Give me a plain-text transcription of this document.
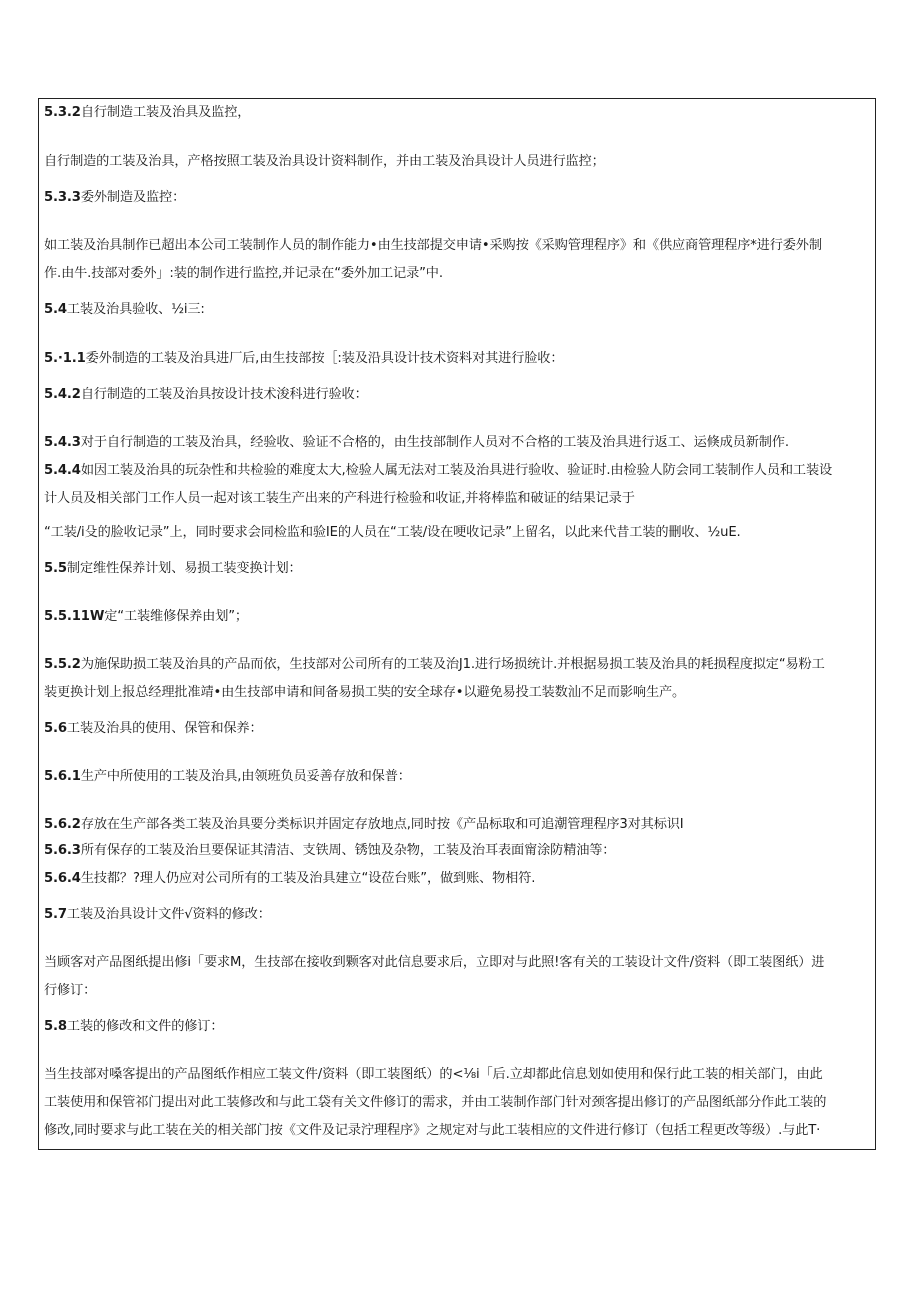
5.3.2自行制造工装及治具及监控，
自行制造的工装及治具，产格按照工装及治具设计资料制作，并由工装及治具设计人员进行监控；
5.3.3委外制造及监控：
如工装及治具制作已超出本公司工装制作人员的制作能力•由生技部提交申请•采购按《采购管理程序》和《供应商管理程序*进行委外制
作.由牛.技部对委外」:装的制作进行监控,并记录在“委外加工记录”中.
5.4工装及治具验收、½i三:
5.·1.1委外制造的工装及治具进厂后,由生技部按［:装及沿具设计技术资料对其进行脸收：
5.4.2自行制造的工装及治具按设计技术浚科进行验收：
5.4.3对于自行制造的工装及治具，经验收、验证不合格的，由生技部制作人员对不合格的工装及治具进行返工、运倏成员新制作.
5.4.4如因工装及治具的玩杂性和共检验的难度太大,检验人属无法对工装及治具进行验收、验证时.由检验人防会同工装制作人员和工装设
计人员及相关部门工作人员一起对该工装生产出来的产科进行检验和收证,并将棒监和破证的结果记录于
“工装/i殳的脸收记录”上，同时要求会同检监和验IE的人员在“工装/设在哽收记录”上留名，以此来代昔工装的刪收、½uE.
5.5制定维性保养计划、易损工装变换计划：
5.5.11W定“工装维修保养由划”；
5.5.2为施保助损工装及治具的产品而依，生技部对公司所有的工装及治J1.进行场损统计.并根据易损工装及治具的耗损程度拟定“易粉工
装更换计划上报总经理批准靖•由生技部申请和间备易损工奘的安全球存•以避免易投工装数汕不足而影响生产。
5.6工装及治具的使用、保管和保养：
5.6.1生产中所使用的工装及治具,由领班负员妥善存放和保普：
5.6.2存放在生产部各类工装及治具要分类标识并固定存放地点,同时按《产品标取和可追潮管理程序3对其标识I
5.6.3所有保存的工装及治旦要保证其清洁、支铁周、锈蚀及杂物，工装及治耳表面甯涂防精油等：
5.6.4生技都？?理人仍应对公司所有的工装及治具建立“设莅台账”，做到账、物相符.
5.7工装及治具设计文件√资料的修改：
当顾客对产品图纸提出修i「要求M，生技部在接收到颗客对此信息要求后，立即对与此照!客有关的工装设计文件/资料（即工装图纸）进
行修订：
5.8工装的修改和文件的修订：
当生技部对嗓客提出的产品图纸作相应工装文件/资料（即工装图纸）的<⅛i「后.立却都此信息划如使用和保行此工装的相关部门，由此
工装使用和保管祁门提出对此工装修改和与此工袋有关文件修订的需求，并由工装制作部门针对颈客提出修订的产品图纸部分作此工装的
修改,同时要求与此工装在关的相关部门按《文件及记录泞理程序》之规定对与此工装相应的文件进行修订（包括工程更改等级）.与此T·
